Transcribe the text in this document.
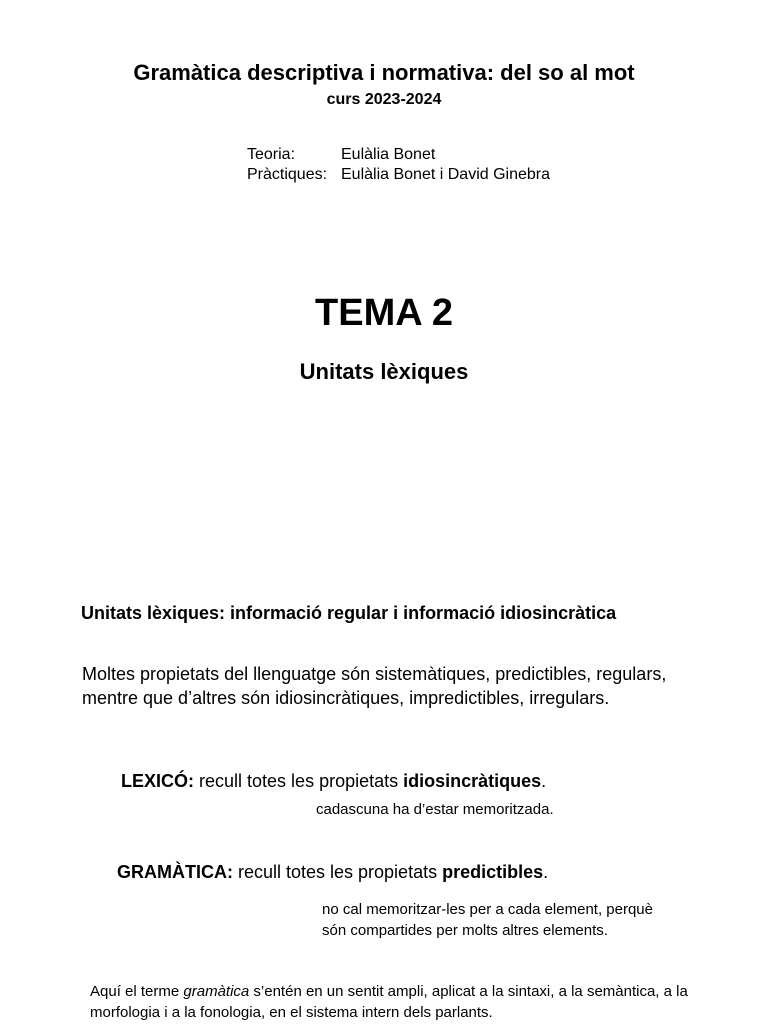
Gramàtica descriptiva i normativa: del so al mot
curs 2023-2024
Teoria:	Eulàlia Bonet
Pràctiques: Eulàlia Bonet i David Ginebra
TEMA 2
Unitats lèxiques
Unitats lèxiques: informació regular i informació idiosincràtica
Moltes propietats del llenguatge són sistemàtiques, predictibles, regulars, mentre que d’altres són idiosincràtiques, impredictibles, irregulars.
LEXICÓ: recull totes les propietats idiosincràtiques.
cadascuna ha d’estar memoritzada.
GRAMÀTICA: recull totes les propietats predictibles.
no cal memoritzar-les per a cada element, perquè són compartides per molts altres elements.
Aquí el terme gramàtica s’entén en un sentit ampli, aplicat a la sintaxi, a la semàntica, a la morfologia i a la fonologia, en el sistema intern dels parlants.
